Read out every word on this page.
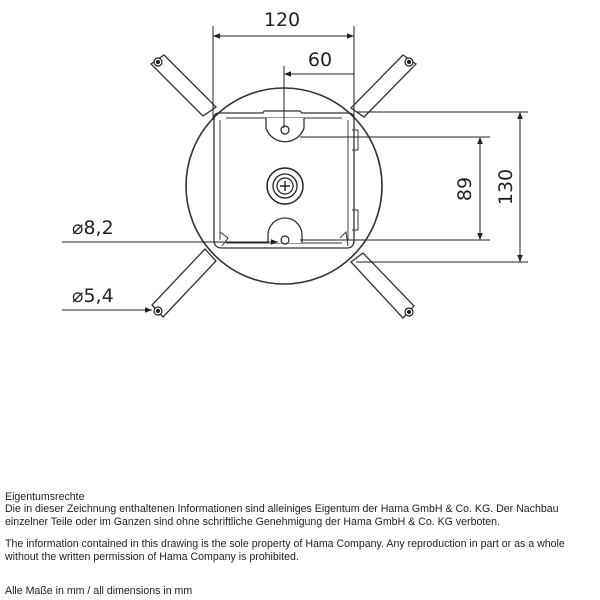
120
60
130
89
⌀8,2
⌀5,4

Eigentumsrechte

Die in dieser Zeichnung enthaltenen Informationen sind alleiniges Eigentum der Hama GmbH & Co. KG. Der Nachbau einzelner Teile oder im Ganzen sind ohne schriftliche Genehmigung der Hama GmbH & Co. KG verboten.

The information contained in this drawing is the sole property of Hama Company. Any reproduction in part or as a whole without the written permission of Hama Company is prohibited.

Alle Maße in mm / all dimensions in mm
